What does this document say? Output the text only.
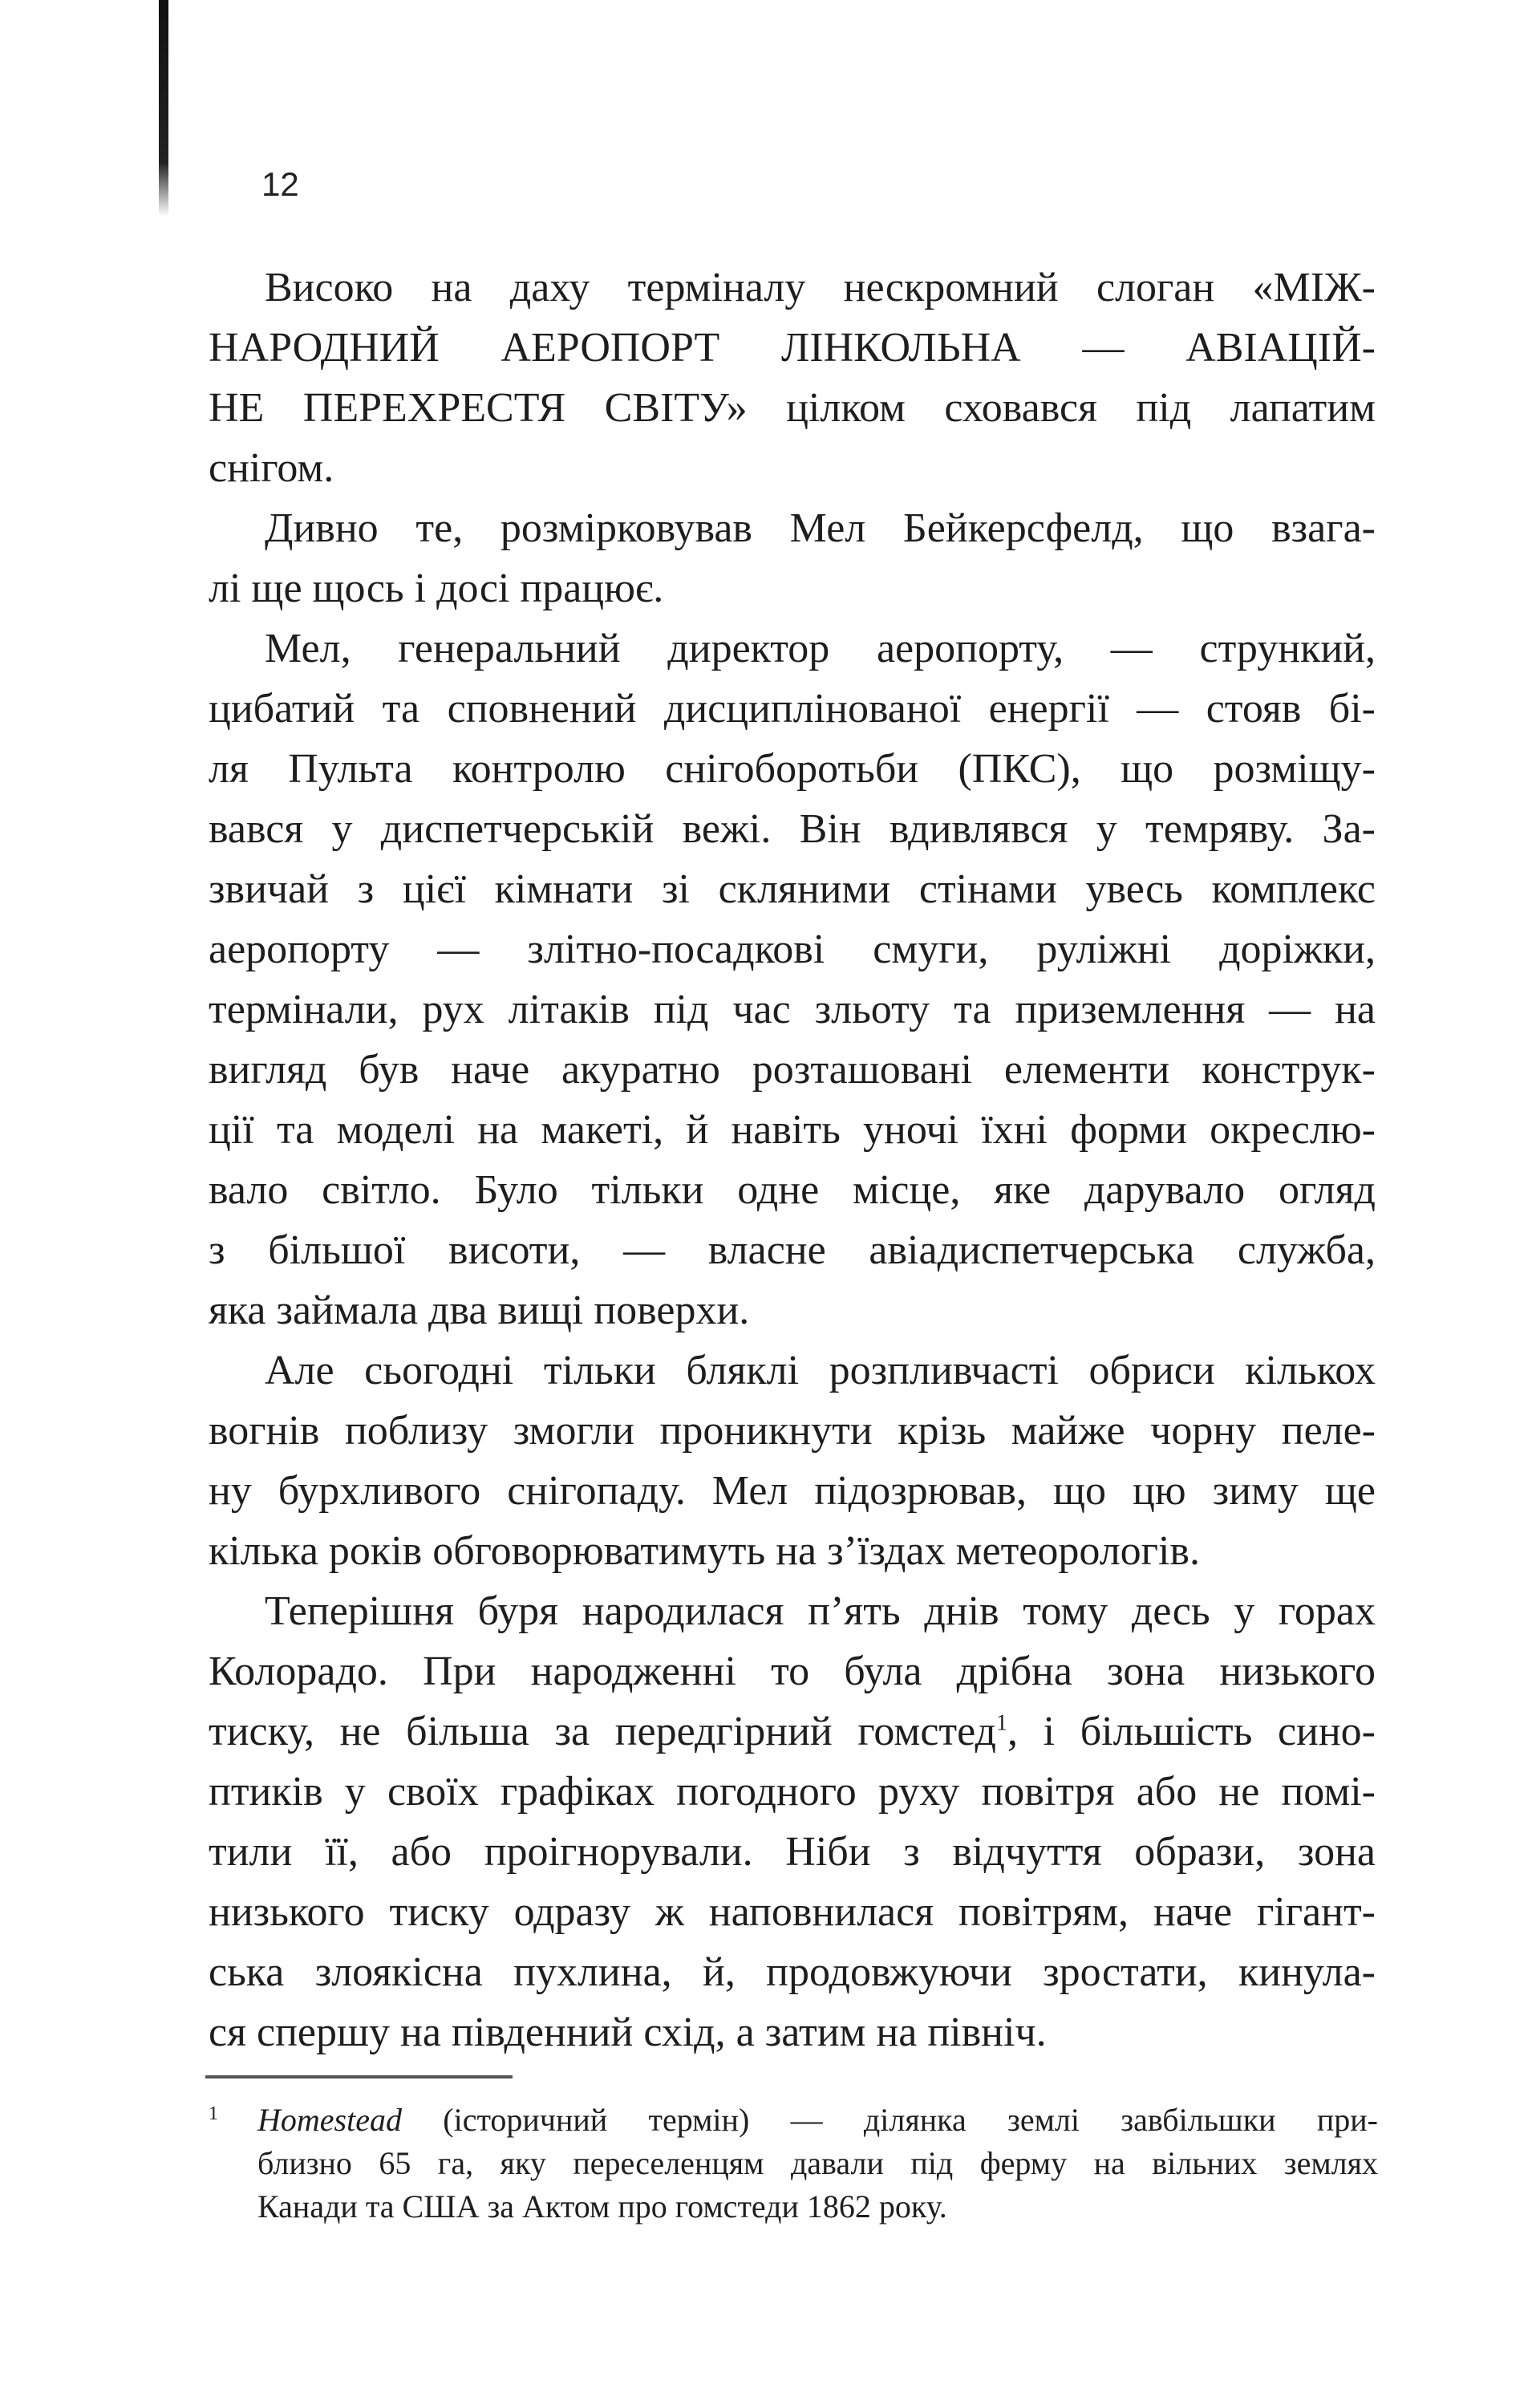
12
Високо на даху терміналу нескромний слоган «МІЖ-
НАРОДНИЙ АЕРОПОРТ ЛІНКОЛЬНА — АВІАЦІЙ-
НЕ ПЕРЕХРЕСТЯ СВІТУ» цілком сховався під лапатим
снігом.
Дивно те, розмірковував Мел Бейкерсфелд, що взага-
лі ще щось і досі працює.
Мел, генеральний директор аеропорту, — стрункий,
цибатий та сповнений дисциплінованої енергії — стояв бі-
ля Пульта контролю снігоборотьби (ПКС), що розміщу-
вався у диспетчерській вежі. Він вдивлявся у темряву. За-
звичай з цієї кімнати зі скляними стінами увесь комплекс
аеропорту — злітно-посадкові смуги, руліжні доріжки,
термінали, рух літаків під час зльоту та приземлення — на
вигляд був наче акуратно розташовані елементи конструк-
ції та моделі на макеті, й навіть уночі їхні форми окреслю-
вало світло. Було тільки одне місце, яке дарувало огляд
з більшої висоти, — власне авіадиспетчерська служба,
яка займала два вищі поверхи.
Але сьогодні тільки бляклі розпливчасті обриси кількох
вогнів поблизу змогли проникнути крізь майже чорну пеле-
ну бурхливого снігопаду. Мел підозрював, що цю зиму ще
кілька років обговорюватимуть на з’їздах метеорологів.
Теперішня буря народилася п’ять днів тому десь у горах
Колорадо. При народженні то була дрібна зона низького
тиску, не більша за передгірний гомстед$^1$, і більшість сино-
птиків у своїх графіках погодного руху повітря або не помі-
тили її, або проігнорували. Ніби з відчуття образи, зона
низького тиску одразу ж наповнилася повітрям, наче гігант-
ська злоякісна пухлина, й, продовжуючи зростати, кинула-
ся спершу на південний схід, а затим на північ.
1 Homestead (історичний термін) — ділянка землі завбільшки при-
близно 65 га, яку переселенцям давали під ферму на вільних землях
Канади та США за Актом про гомстеди 1862 року.
